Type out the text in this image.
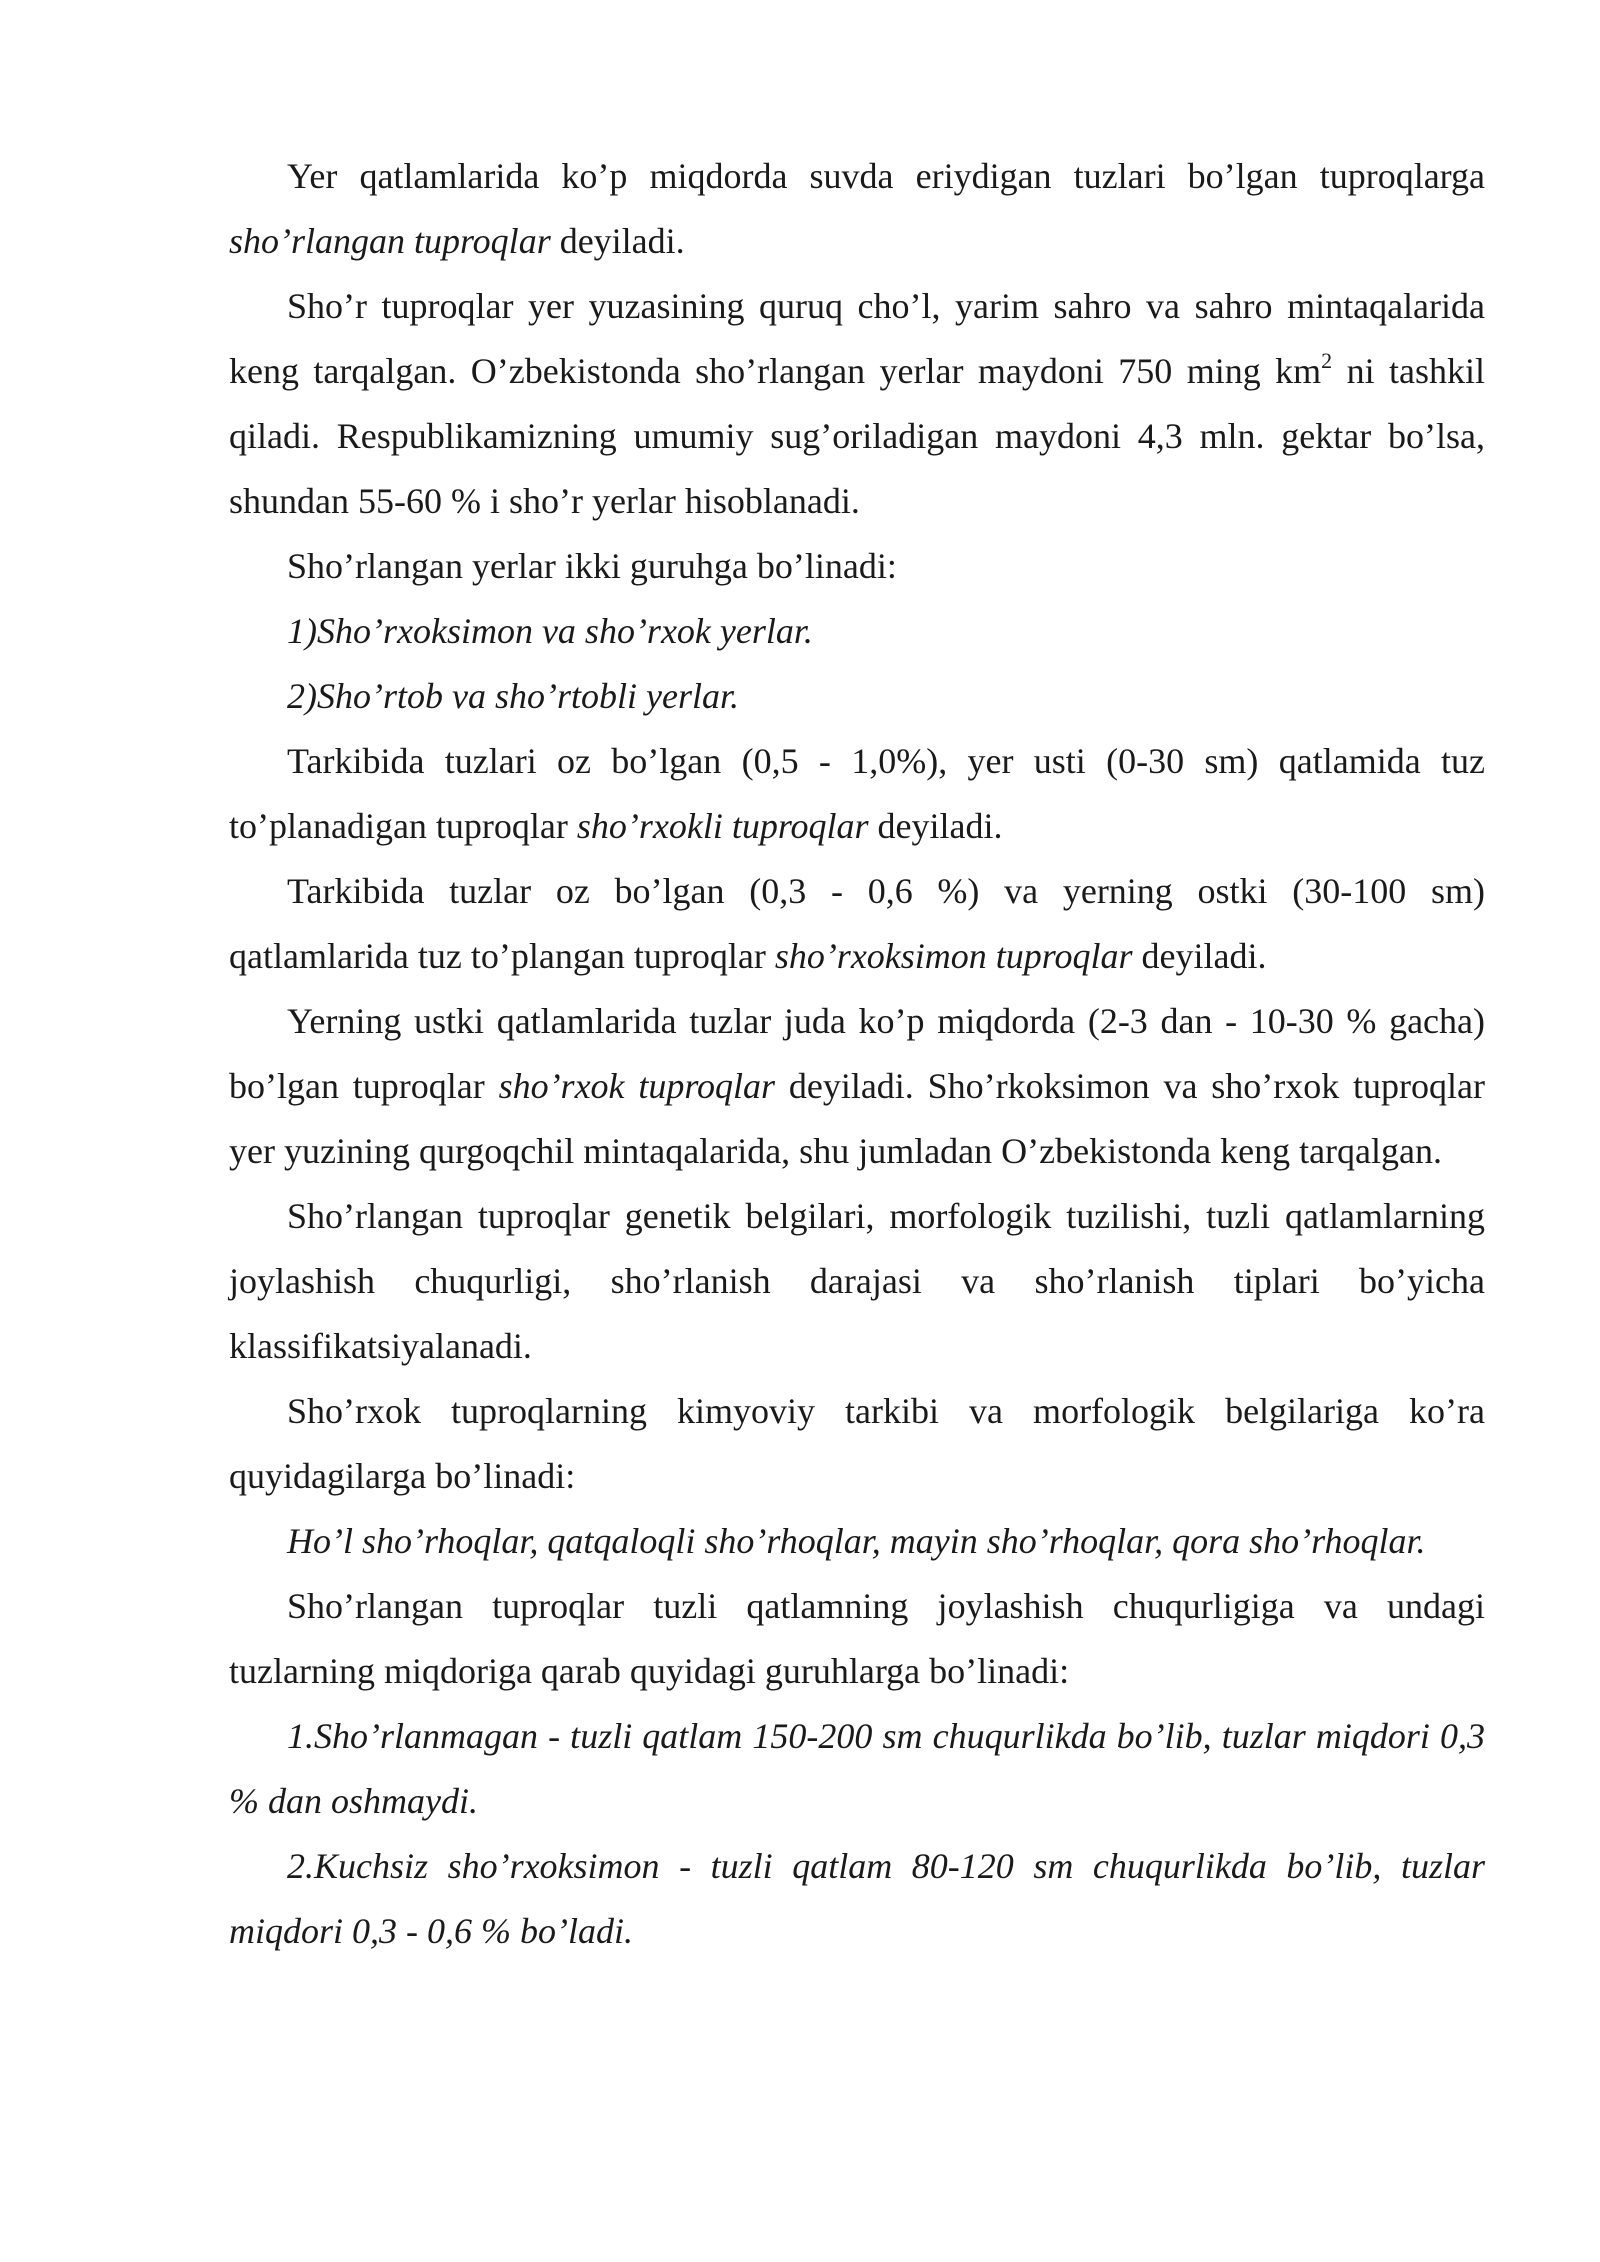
Yer qatlamlarida ko’p miqdorda suvda eriydigan tuzlari bo’lgan tuproqlarga sho’rlangan tuproqlar deyiladi.

Sho’r tuproqlar yer yuzasining quruq cho’l, yarim sahro va sahro mintaqalarida keng tarqalgan. O’zbekistonda sho’rlangan yerlar maydoni 750 ming $km^2$ ni tashkil qiladi. Respublikamizning umumiy sug’oriladigan maydoni 4,3 mln. gektar bo’lsa, shundan 55-60 % i sho’r yerlar hisoblanadi.

Sho’rlangan yerlar ikki guruhga bo’linadi:

1)Sho’rxoksimon va sho’rxok yerlar.

2)Sho’rtob va sho’rtobli yerlar.

Tarkibida tuzlari oz bo’lgan (0,5 - 1,0%), yer usti (0-30 sm) qatlamida tuz to’planadigan tuproqlar sho’rxokli tuproqlar deyiladi.

Tarkibida tuzlar oz bo’lgan (0,3 - 0,6 %) va yerning ostki (30-100 sm) qatlamlarida tuz to’plangan tuproqlar sho’rxoksimon tuproqlar deyiladi.

Yerning ustki qatlamlarida tuzlar juda ko’p miqdorda (2-3 dan - 10-30 % gacha) bo’lgan tuproqlar sho’rxok tuproqlar deyiladi. Sho’rkoksimon va sho’rxok tuproqlar yer yuzining qurgoqchil mintaqalarida, shu jumladan O’zbekistonda keng tarqalgan.

Sho’rlangan tuproqlar genetik belgilari, morfologik tuzilishi, tuzli qatlamlarning joylashish chuqurligi, sho’rlanish darajasi va sho’rlanish tiplari bo’yicha klassifikatsiyalanadi.

Sho’rxok tuproqlarning kimyoviy tarkibi va morfologik belgilariga ko’ra quyidagilarga bo’linadi:

Ho’l sho’rhoqlar, qatqaloqli sho’rhoqlar, mayin sho’rhoqlar, qora sho’rhoqlar.

Sho’rlangan tuproqlar tuzli qatlamning joylashish chuqurligiga va undagi tuzlarning miqdoriga qarab quyidagi guruhlarga bo’linadi:

1.Sho’rlanmagan - tuzli qatlam 150-200 sm chuqurlikda bo’lib, tuzlar miqdori 0,3 % dan oshmaydi.

2.Kuchsiz sho’rxoksimon - tuzli qatlam 80-120 sm chuqurlikda bo’lib, tuzlar miqdori 0,3 - 0,6 % bo’ladi.
